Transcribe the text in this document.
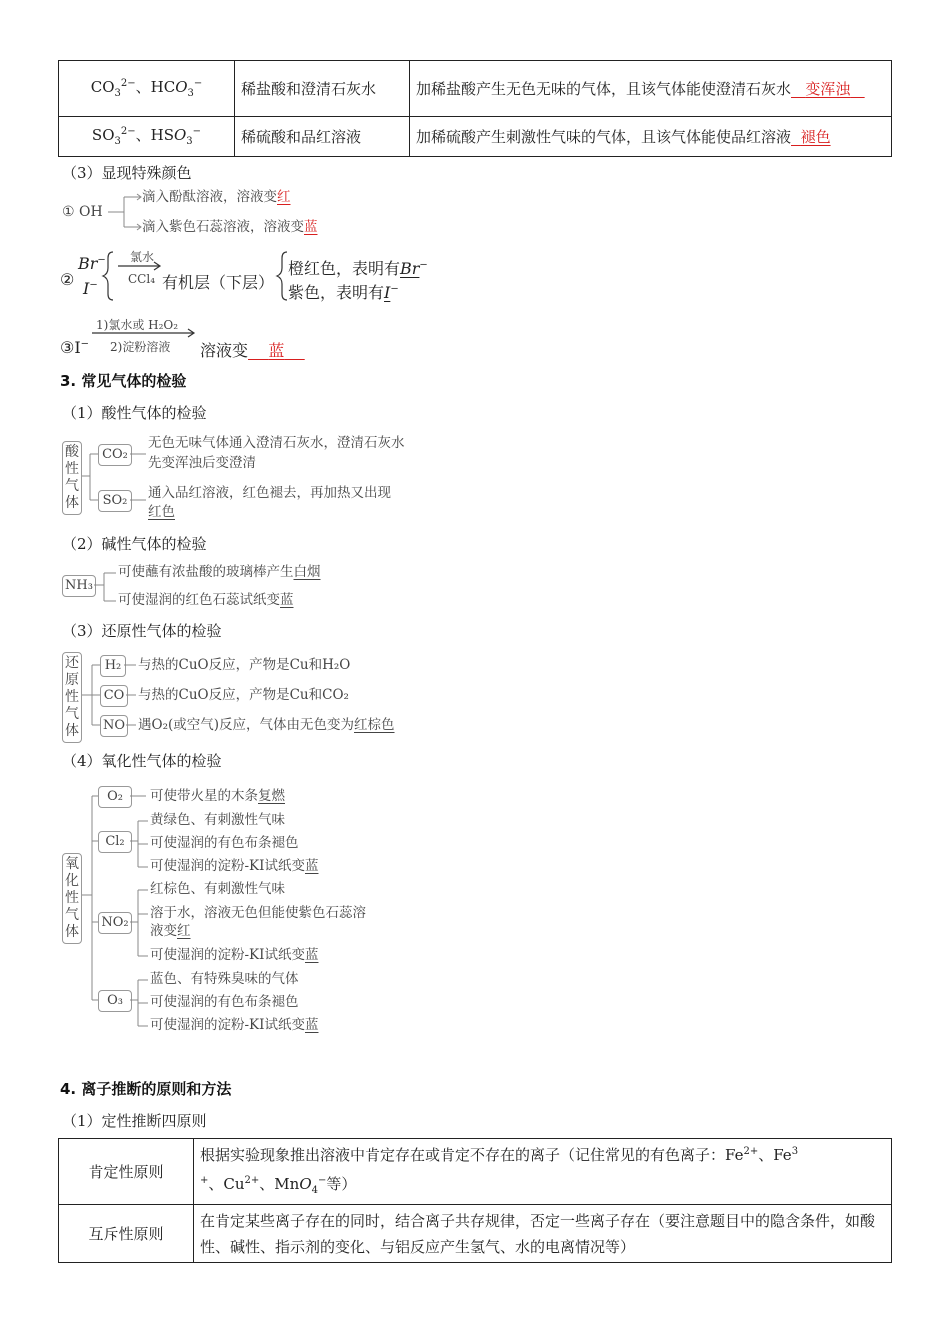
$CO_3^{2-}$、$HCO_3^-$	稀盐酸和澄清石灰水	加稀盐酸产生无色无味的气体，且该气体能使澄清石灰水 变浑浊
$SO_3^{2-}$、$HSO_3^-$	稀硫酸和品红溶液	加稀硫酸产生刺激性气味的气体，且该气体能使品红溶液 褪色
（3）显现特殊颜色
① OH
滴入酚酞溶液，溶液变红
滴入紫色石蕊溶液，溶液变蓝
②
Br−
I−
氯水
CCl₄ 有机层（下层）
橙红色，表明有Br−
紫色，表明有I−
1)氯水或 H₂O₂
2)淀粉溶液
③I−	溶液变 蓝
3. 常见气体的检验
（1）酸性气体的检验
酸
性
气
体
CO₂
无色无味气体通入澄清石灰水，澄清石灰水
先变浑浊后变澄清
SO₂	通入品红溶液，红色褪去，再加热又出现
红色
（2）碱性气体的检验
NH₃
可使蘸有浓盐酸的玻璃棒产生白烟
可使湿润的红色石蕊试纸变蓝
（3）还原性气体的检验
还
原
性
气
体
H₂	与热的CuO反应，产物是Cu和H₂O
CO 与热的CuO反应，产物是Cu和CO₂
NO 遇O₂(或空气)反应，气体由无色变为红棕色
（4）氧化性气体的检验
氧
化
性
气
体
O₂	可使带火星的木条复燃
Cl₂
黄绿色、有刺激性气味
可使湿润的有色布条褪色
可使湿润的淀粉-KI试纸变蓝
NO₂
红棕色、有刺激性气味
溶于水，溶液无色但能使紫色石蕊溶
液变红
可使湿润的淀粉-KI试纸变蓝
O₃
蓝色、有特殊臭味的气体
可使湿润的有色布条褪色
可使湿润的淀粉-KI试纸变蓝
4. 离子推断的原则和方法
（1）定性推断四原则
肯定性原则	根据实验现象推出溶液中肯定存在或肯定不存在的离子（记住常见的有色离子：$Fe^{2+}$、Fe$^3$
+、$Cu^{2+}$、MnO$_4$−等）
互斥性原则	在肯定某些离子存在的同时，结合离子共存规律，否定一些离子存在（要注意题目中的隐含条件，如酸性、碱性、指示剂的变化、与铝反应产生氢气、水的电离情况等）
